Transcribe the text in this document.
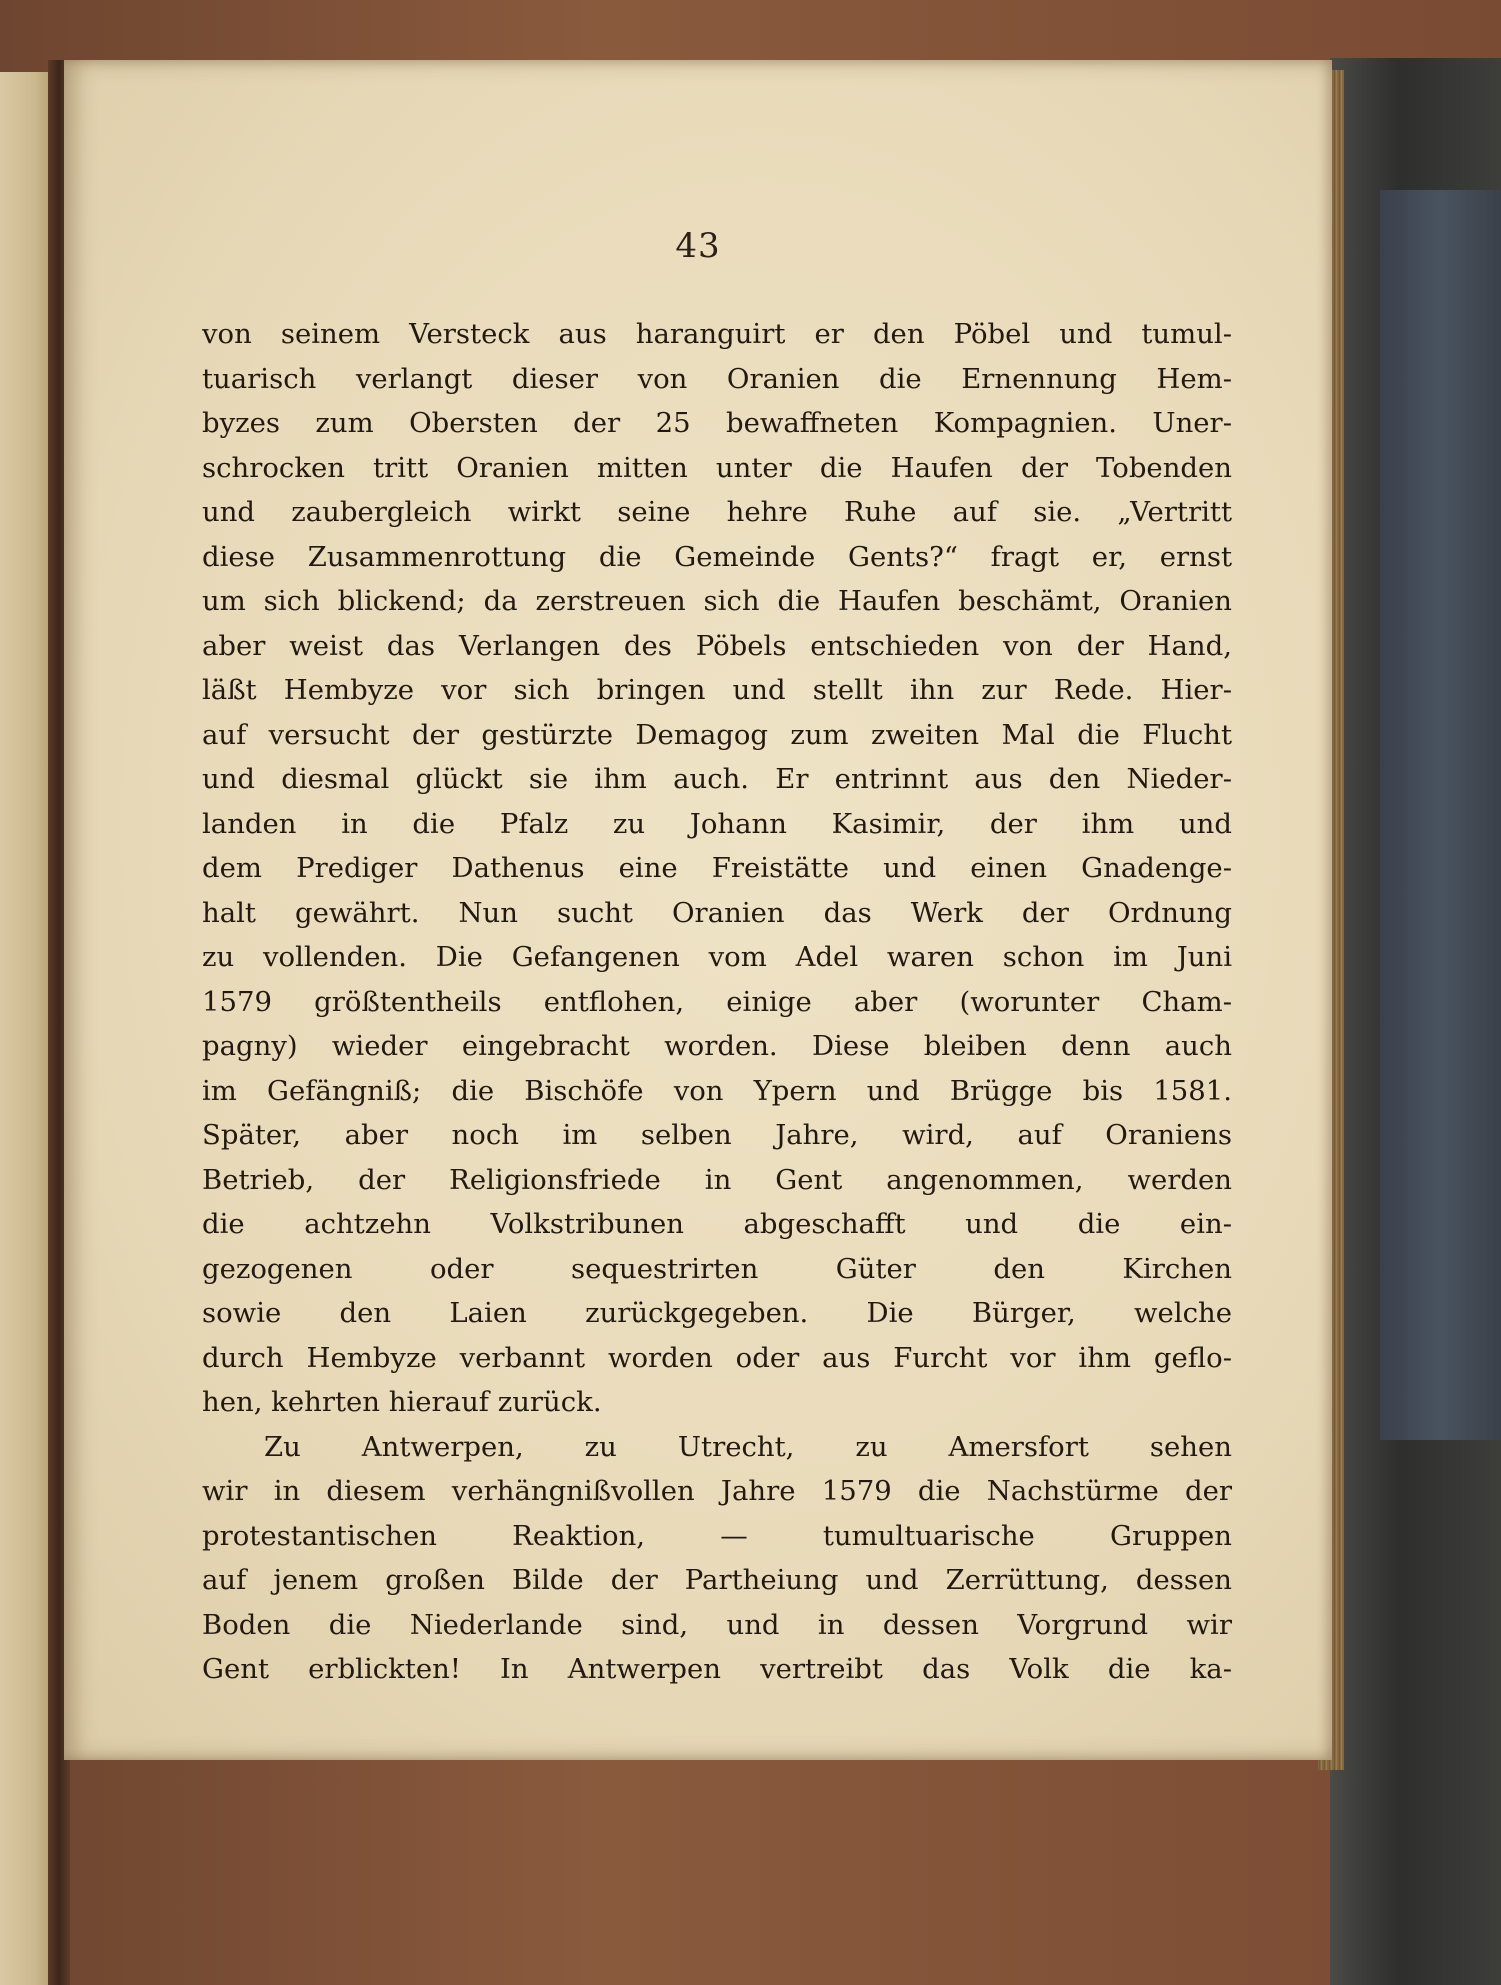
43
von seinem Versteck aus haranguirt er den Pöbel und tumul-
tuarisch verlangt dieser von Oranien die Ernennung Hem-
byzes zum Obersten der 25 bewaffneten Kompagnien. Uner-
schrocken tritt Oranien mitten unter die Haufen der Tobenden
und zaubergleich wirkt seine hehre Ruhe auf sie. „Vertritt
diese Zusammenrottung die Gemeinde Gents?“ fragt er, ernst
um sich blickend; da zerstreuen sich die Haufen beschämt, Oranien
aber weist das Verlangen des Pöbels entschieden von der Hand,
läßt Hembyze vor sich bringen und stellt ihn zur Rede. Hier-
auf versucht der gestürzte Demagog zum zweiten Mal die Flucht
und diesmal glückt sie ihm auch. Er entrinnt aus den Nieder-
landen in die Pfalz zu Johann Kasimir, der ihm und
dem Prediger Dathenus eine Freistätte und einen Gnadenge-
halt gewährt. Nun sucht Oranien das Werk der Ordnung
zu vollenden. Die Gefangenen vom Adel waren schon im Juni
1579 größtentheils entflohen, einige aber (worunter Cham-
pagny) wieder eingebracht worden. Diese bleiben denn auch
im Gefängniß; die Bischöfe von Ypern und Brügge bis 1581.
Später, aber noch im selben Jahre, wird, auf Oraniens
Betrieb, der Religionsfriede in Gent angenommen, werden
die achtzehn Volkstribunen abgeschafft und die ein-
gezogenen oder sequestrirten Güter den Kirchen
sowie den Laien zurückgegeben. Die Bürger, welche
durch Hembyze verbannt worden oder aus Furcht vor ihm geflo-
hen, kehrten hierauf zurück.
Zu Antwerpen, zu Utrecht, zu Amersfort sehen
wir in diesem verhängnißvollen Jahre 1579 die Nachstürme der
protestantischen Reaktion, — tumultuarische Gruppen
auf jenem großen Bilde der Partheiung und Zerrüttung, dessen
Boden die Niederlande sind, und in dessen Vorgrund wir
Gent erblickten! In Antwerpen vertreibt das Volk die ka-
